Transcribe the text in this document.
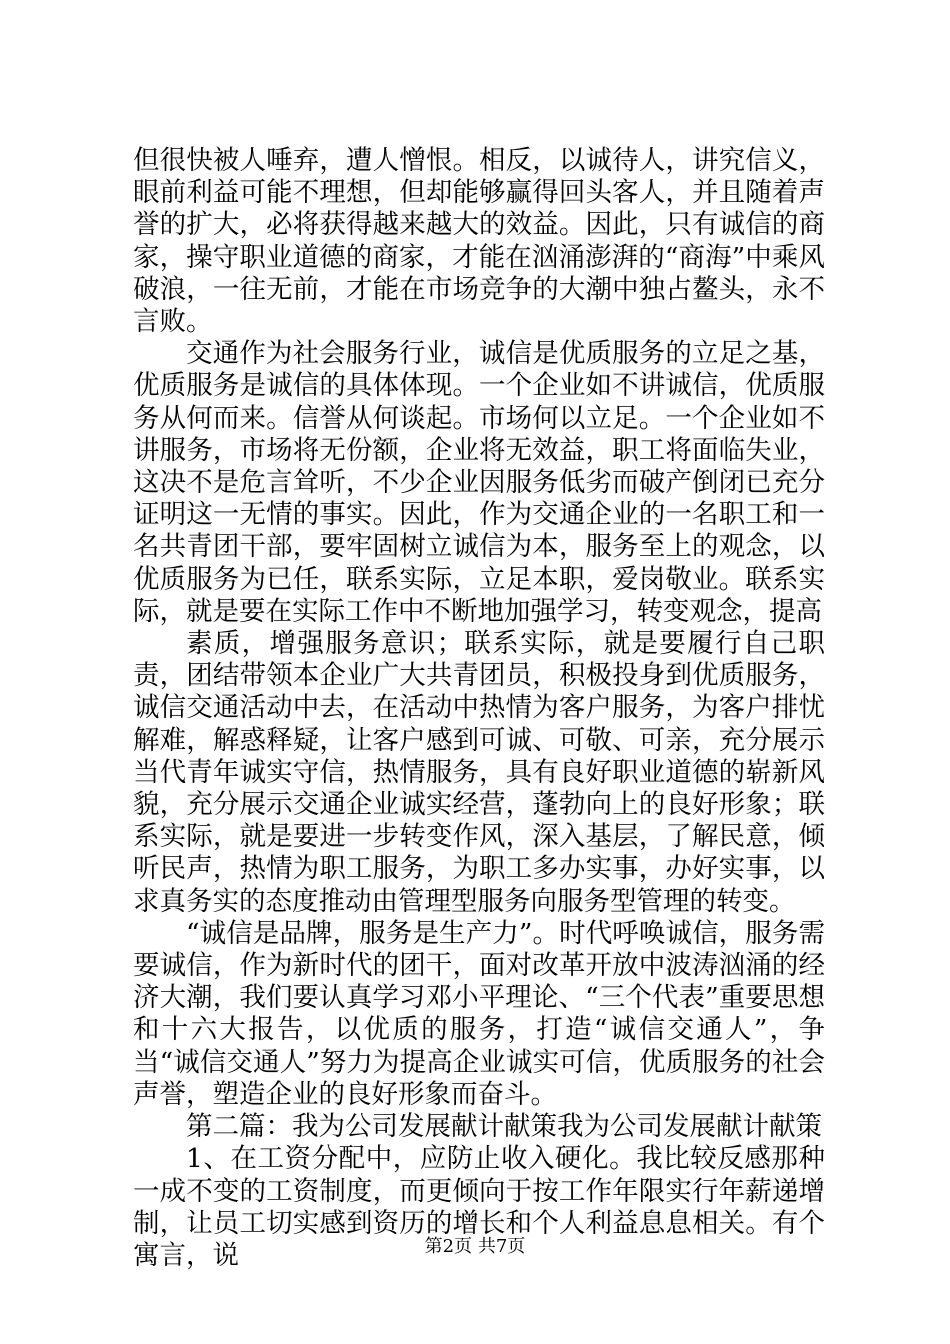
但很快被人唾弃，遭人憎恨。相反，以诚待人，讲究信义，眼前利益可能不理想，但却能够赢得回头客人，并且随着声誉的扩大，必将获得越来越大的效益。因此，只有诚信的商家，操守职业道德的商家，才能在汹涌澎湃的“商海”中乘风破浪，一往无前，才能在市场竞争的大潮中独占鳌头，永不言败。

交通作为社会服务行业，诚信是优质服务的立足之基，优质服务是诚信的具体体现。一个企业如不讲诚信，优质服务从何而来。信誉从何谈起。市场何以立足。一个企业如不讲服务，市场将无份额，企业将无效益，职工将面临失业，这决不是危言耸听，不少企业因服务低劣而破产倒闭已充分证明这一无情的事实。因此，作为交通企业的一名职工和一名共青团干部，要牢固树立诚信为本，服务至上的观念，以优质服务为已任，联系实际，立足本职，爱岗敬业。联系实际，就是要在实际工作中不断地加强学习，转变观念，提高

素质，增强服务意识；联系实际，就是要履行自己职责，团结带领本企业广大共青团员，积极投身到优质服务，诚信交通活动中去，在活动中热情为客户服务，为客户排忧解难，解惑释疑，让客户感到可诚、可敬、可亲，充分展示当代青年诚实守信，热情服务，具有良好职业道德的崭新风貌，充分展示交通企业诚实经营，蓬勃向上的良好形象；联系实际，就是要进一步转变作风，深入基层，了解民意，倾听民声，热情为职工服务，为职工多办实事，办好实事，以求真务实的态度推动由管理型服务向服务型管理的转变。

“诚信是品牌，服务是生产力”。时代呼唤诚信，服务需要诚信，作为新时代的团干，面对改革开放中波涛汹涌的经济大潮，我们要认真学习邓小平理论、“三个代表”重要思想和十六大报告，以优质的服务，打造“诚信交通人”，争当“诚信交通人”努力为提高企业诚实可信，优质服务的社会声誉，塑造企业的良好形象而奋斗。

第二篇：我为公司发展献计献策我为公司发展献计献策

1、在工资分配中，应防止收入硬化。我比较反感那种一成不变的工资制度，而更倾向于按工作年限实行年薪递增制，让员工切实感到资历的增长和个人利益息息相关。有个寓言，说	第2页 共7页
